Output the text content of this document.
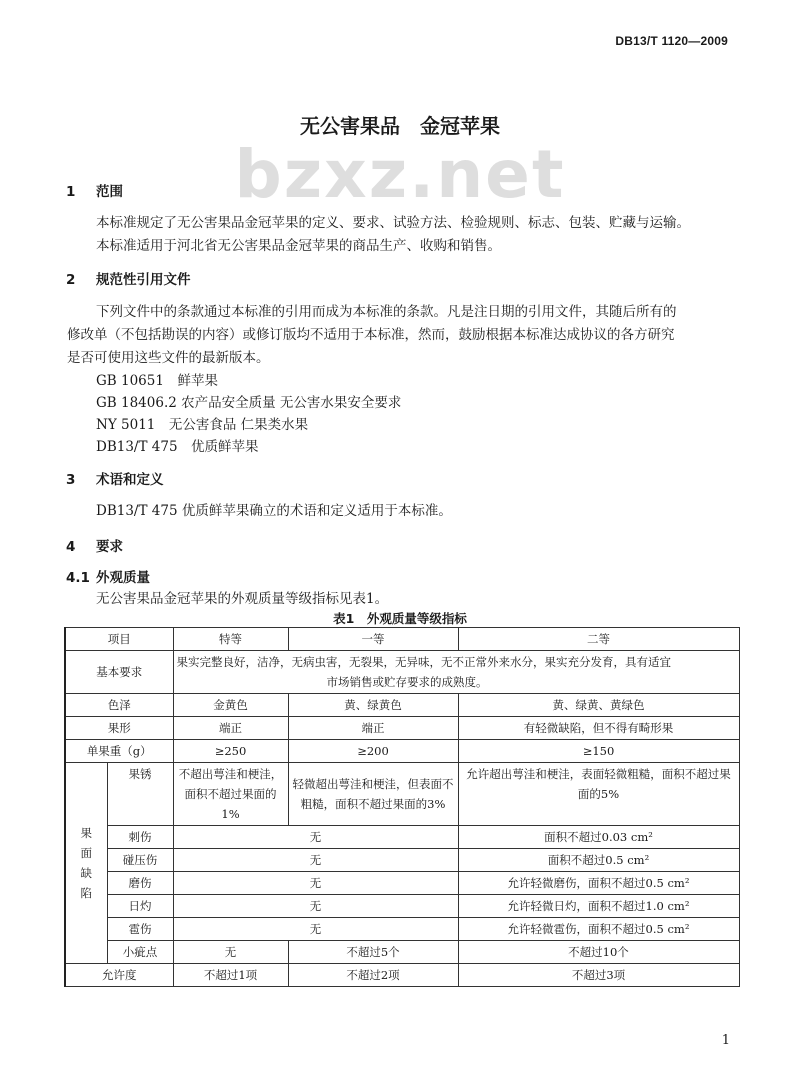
DB13/T 1120—2009
bzxz.net
无公害果品　金冠苹果
1 范围
本标准规定了无公害果品金冠苹果的定义、要求、试验方法、检验规则、标志、包装、贮藏与运输。
本标准适用于河北省无公害果品金冠苹果的商品生产、收购和销售。
2 规范性引用文件
下列文件中的条款通过本标准的引用而成为本标准的条款。凡是注日期的引用文件，其随后所有的
修改单（不包括勘误的内容）或修订版均不适用于本标准，然而，鼓励根据本标准达成协议的各方研究
是否可使用这些文件的最新版本。
GB 10651　鲜苹果
GB 18406.2 农产品安全质量 无公害水果安全要求
NY 5011　无公害食品 仁果类水果
DB13/T 475　优质鲜苹果
3 术语和定义
DB13/T 475 优质鲜苹果确立的术语和定义适用于本标准。
4 要求
4.1 外观质量
无公害果品金冠苹果的外观质量等级指标见表1。
表1　外观质量等级指标
项目		特等	一等	二等
基本要求		果实完整良好，洁净，无病虫害，无裂果，无异味，无不正常外来水分，果实充分发育，具有适宜
市场销售或贮存要求的成熟度。		
色泽		金黄色	黄、绿黄色	黄、绿黄、黄绿色
果形		端正	端正	有轻微缺陷，但不得有畸形果
单果重（g）		≥250	≥200	≥150
果
面
缺
陷	果锈	不超出萼洼和梗洼，面积不超过果面的1%	轻微超出萼洼和梗洼，但表面不粗糙，面积不超过果面的3%	允许超出萼洼和梗洼，表面轻微粗糙，面积不超过果面的5%
	刺伤	无		面积不超过0.03 cm²
	碰压伤	无		面积不超过0.5 cm²
	磨伤	无		允许轻微磨伤，面积不超过0.5 cm²
	日灼	无		允许轻微日灼，面积不超过1.0 cm²
	雹伤	无		允许轻微雹伤，面积不超过0.5 cm²
	小疵点	无	不超过5个	不超过10个
允许度		不超过1项	不超过2项	不超过3项
1
